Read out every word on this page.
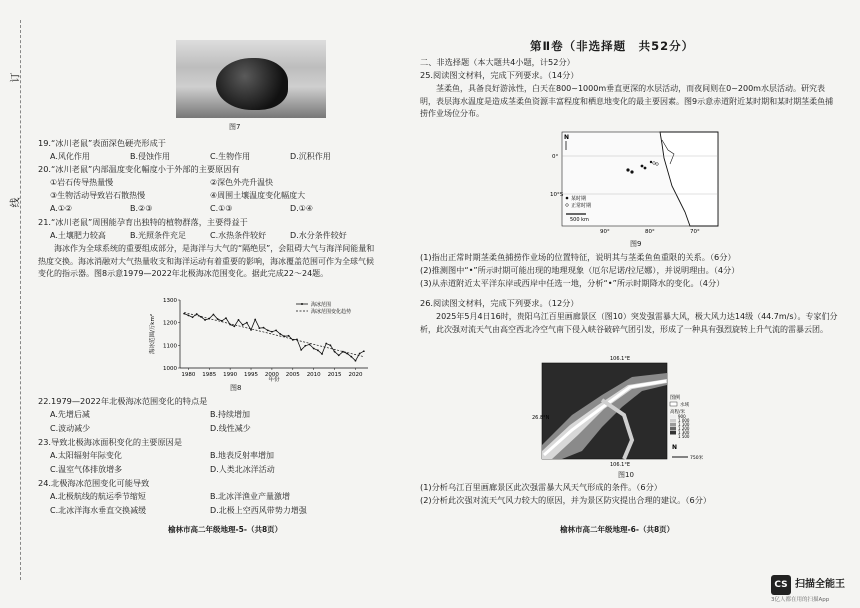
订
线
图7
19.“冰川老鼠”表面深色硬壳形成于
A.风化作用	B.侵蚀作用	C.生物作用	D.沉积作用
20.“冰川老鼠”内部温度变化幅度小于外部的主要原因有
①岩石传导热量慢	②深色外壳升温快
③生物活动导致岩石散热慢	④周围土壤温度变化幅度大
A.①②	B.②③	C.①③	D.①④
21.“冰川老鼠”周围能孕育出独特的植物群落，主要得益于
A.土壤肥力较高	B.光照条件充足	C.水热条件较好	D.水分条件较好
海冰作为全球系统的重要组成部分，是海洋与大气的“隔绝层”，会阻碍大气与海洋间能量和热度交换。海冰消融对大气热量收支和海洋运动有着重要的影响，海冰覆盖范围可作为全球气候变化的指示器。图8示意1979—2022年北极海冰范围变化。据此完成22～24题。
1300
1200
1100
1000
1980 1985 1990 1995 2000 2005 2010 2015 2020
年份
海冰范围/万km²
海冰范围
海冰范围变化趋势
图8
22.1979—2022年北极海冰范围变化的特点是
A.先增后减	B.持续增加
C.波动减少	D.线性减少
23.导致北极海冰面积变化的主要原因是
A.太阳辐射年际变化	B.地表反射率增加
C.温室气体排放增多	D.人类北冰洋活动
24.北极海冰范围变化可能导致
A.北极航线的航运季节缩短	B.北冰洋渔业产量激增
C.北冰洋海水垂直交换减缓	D.北极上空西风带势力增强
榆林市高二年级地理-5-（共8页）
第Ⅱ卷（非选择题　共52分）
二、非选择题（本大题共4小题，计52分）
25.阅读图文材料，完成下列要求。（14分）
茎柔鱼，具备良好游泳性，白天在800~1000m垂直更深的水层活动，而夜间则在0~200m水层活动。研究表明，表层海水温度是造成茎柔鱼资源丰富程度和栖息地变化的最主要因素。图9示意赤道附近某时期和某时期茎柔鱼捕捞作业场位分布。
0°
10°S
90°	80°	70°
N
某时期
正常时期
500 km
图9
(1)指出正常时期茎柔鱼捕捞作业场的位置特征，说明其与茎柔鱼鱼重限的关系。（6分）
(2)推测图中“•”所示时期可能出现的地理现象（厄尔尼诺/拉尼娜），并说明理由。（4分）
(3)从赤道附近太平洋东岸或西岸中任选一地，分析“•”所示时期降水的变化。（4分）
26.阅读图文材料，完成下列要求。（12分）
2025年5月4日16时，贵阳乌江百里画廊景区（图10）突发强雷暴大风，极大风力达14级（44.7m/s）。专家们分析，此次强对流天气由高空西北冷空气南下侵入峡谷破碎气团引发，形成了一种具有强烈旋转上升气流的雷暴云团。
106.1°E
26.8°N
106.1°E
图例
水域
高程/米
900
1 000
1 100
1 200
1 300
1 500
N
750米
图10
(1)分析乌江百里画廊景区此次强雷暴大风天气形成的条件。（6分）
(2)分析此次强对流天气风力较大的原因，并为景区防灾提出合理的建议。（6分）
榆林市高二年级地理-6-（共8页）
CS 扫描全能王
3亿人都在用的扫描App
